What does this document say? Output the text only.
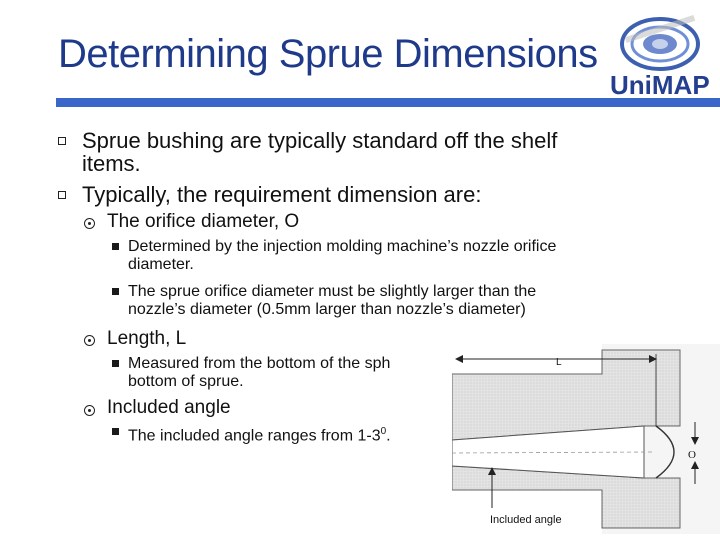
Determining Sprue Dimensions
UniMAP
Sprue bushing are typically standard off the shelf
items.
Typically, the requirement dimension are:
The orifice diameter, O
Determined by the injection molding machine’s nozzle orifice
diameter.
The sprue orifice diameter must be slightly larger than the
nozzle’s diameter (0.5mm larger than nozzle’s diameter)
Length, L
Measured from the bottom of the sph
bottom of sprue.
Included angle
The included angle ranges from $1-3^0$.
L
O
Included angle
